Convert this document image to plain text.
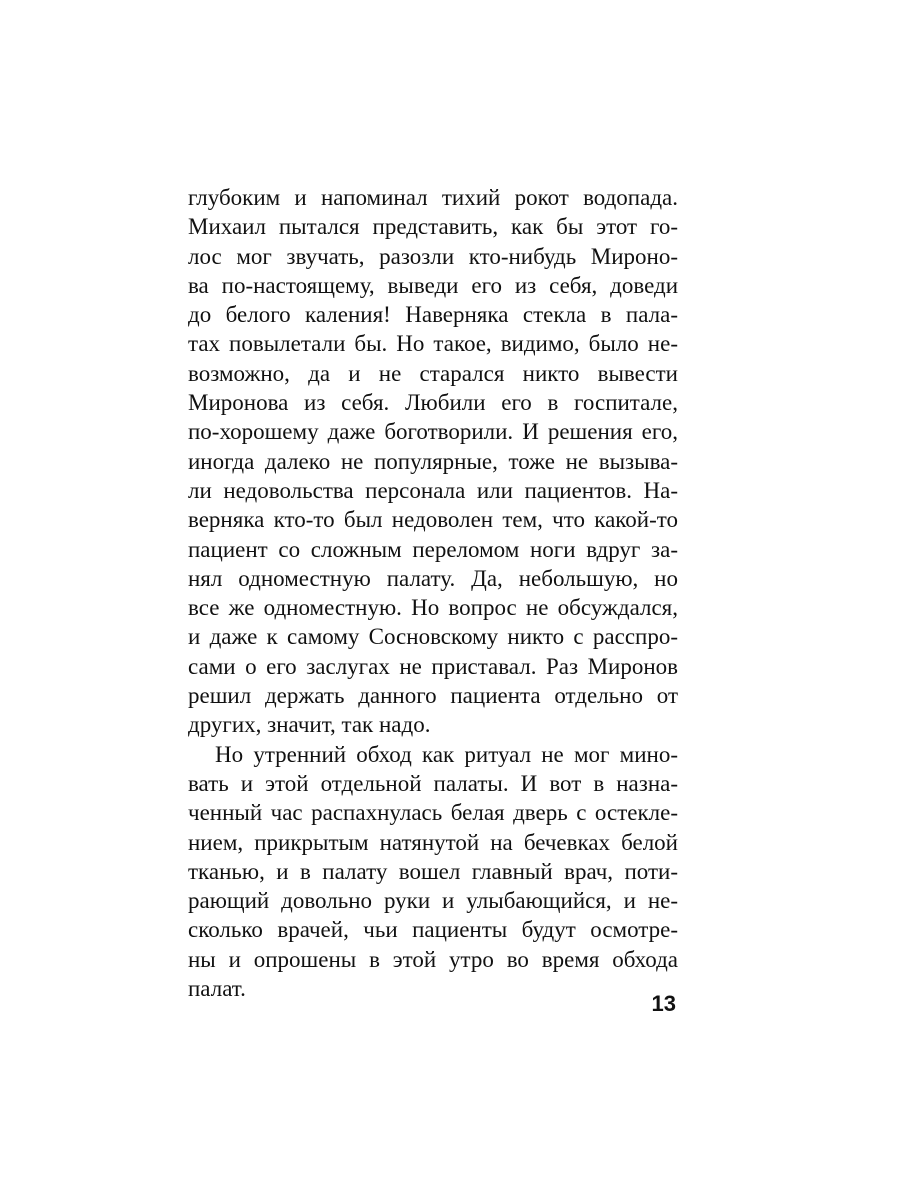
глубоким и напоминал тихий рокот водопада.
Михаил пытался представить, как бы этот го-
лос мог звучать, разозли кто-нибудь Мироно-
ва по-настоящему, выведи его из себя, доведи
до белого каления! Наверняка стекла в пала-
тах повылетали бы. Но такое, видимо, было не-
возможно, да и не старался никто вывести
Миронова из себя. Любили его в госпитале,
по-хорошему даже боготворили. И решения его,
иногда далеко не популярные, тоже не вызыва-
ли недовольства персонала или пациентов. На-
верняка кто-то был недоволен тем, что какой-то
пациент со сложным переломом ноги вдруг за-
нял одноместную палату. Да, небольшую, но
все же одноместную. Но вопрос не обсуждался,
и даже к самому Сосновскому никто с расспро-
сами о его заслугах не приставал. Раз Миронов
решил держать данного пациента отдельно от
других, значит, так надо.
Но утренний обход как ритуал не мог мино-
вать и этой отдельной палаты. И вот в назна-
ченный час распахнулась белая дверь с остекле-
нием, прикрытым натянутой на бечевках белой
тканью, и в палату вошел главный врач, поти-
рающий довольно руки и улыбающийся, и не-
сколько врачей, чьи пациенты будут осмотре-
ны и опрошены в этой утро во время обхода
палат.
13
